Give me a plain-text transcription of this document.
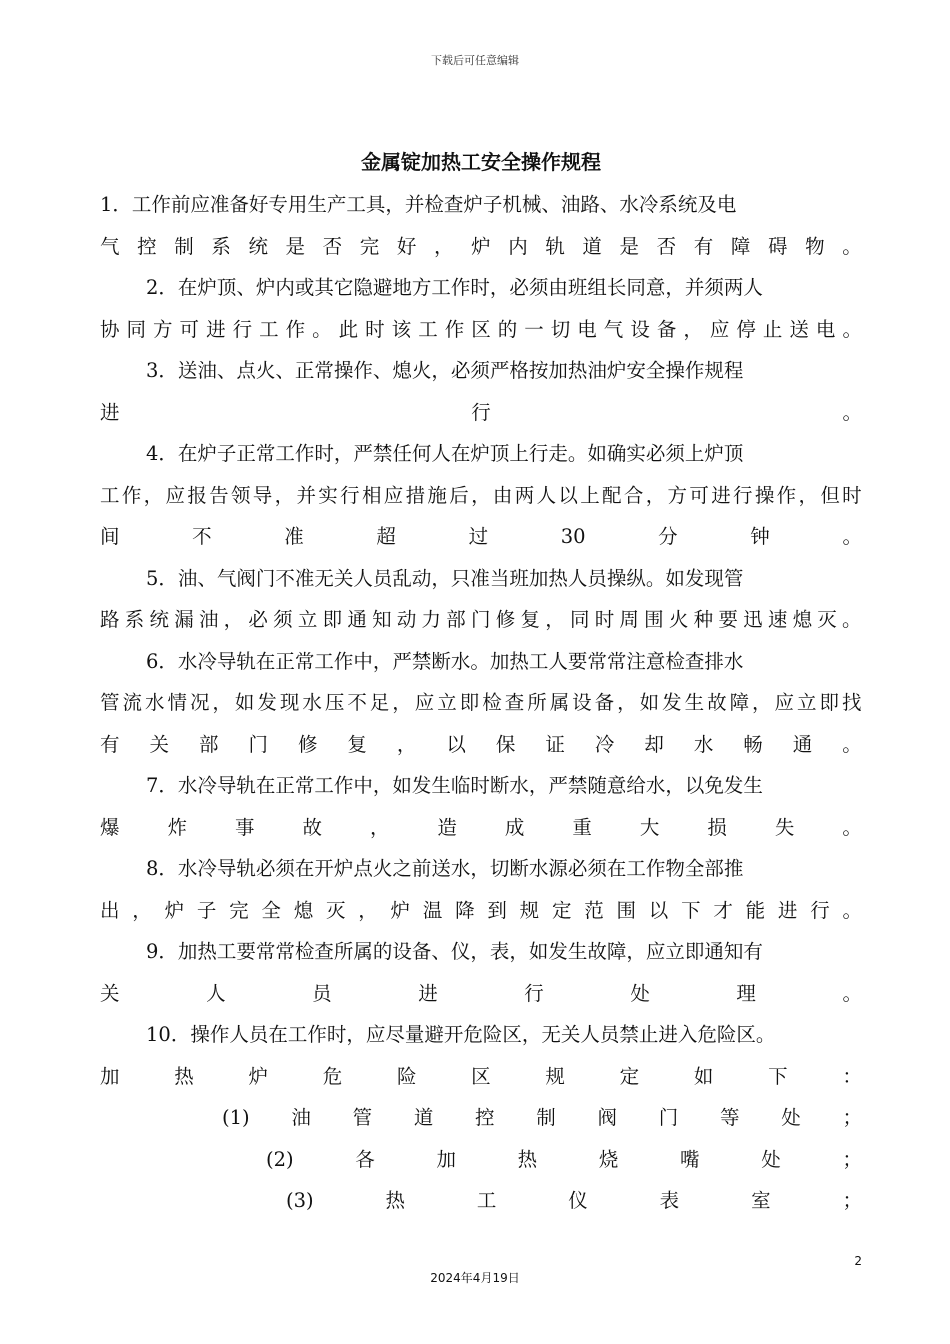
下载后可任意编辑
金属锭加热工安全操作规程
1．工作前应准备好专用生产工具，并检查炉子机械、油路、水冷系统及电
气 控 制 系 统 是 否 完 好 ， 炉 内 轨 道 是 否 有 障 碍 物 。
2．在炉顶、炉内或其它隐避地方工作时，必须由班组长同意，并须两人
协 同 方 可 进 行 工 作 。 此 时 该 工 作 区 的 一 切 电 气 设 备 ， 应 停 止 送 电 。
3．送油、点火、正常操作、熄火，必须严格按加热油炉安全操作规程
进	行	。
4．在炉子正常工作时，严禁任何人在炉顶上行走。如确实必须上炉顶
工 作 ， 应 报 告 领 导 ， 并 实 行 相 应 措 施 后 ， 由 两 人 以 上 配 合 ， 方 可 进 行 操 作 ， 但 时
间	不	准	超	过	30	分	钟	。
5．油、气阀门不准无关人员乱动，只准当班加热人员操纵。如发现管
路 系 统 漏 油 ， 必 须 立 即 通 知 动 力 部 门 修 复 ， 同 时 周 围 火 种 要 迅 速 熄 灭 。
6．水冷导轨在正常工作中，严禁断水。加热工人要常常注意检查排水
管 流 水 情 况 ， 如 发 现 水 压 不 足 ， 应 立 即 检 查 所 属 设 备 ， 如 发 生 故 障 ， 应 立 即 找
有 关 部 门 修 复 ， 以 保 证 冷 却 水 畅 通 。
7．水冷导轨在正常工作中，如发生临时断水，严禁随意给水，以免发生
爆 炸 事 故 ， 造 成 重 大 损 失 。
8．水冷导轨必须在开炉点火之前送水，切断水源必须在工作物全部推
出 ， 炉 子 完 全 熄 灭 ， 炉 温 降 到 规 定 范 围 以 下 才 能 进 行 。
9．加热工要常常检查所属的设备、仪，表，如发生故障，应立即通知有
关	人	员	进	行	处	理	。
10．操作人员在工作时，应尽量避开危险区，无关人员禁止进入危险区。
加	热	炉	危	险	区	规	定	如	下	：
(1) 油 管 道 控 制 阀 门 等 处 ；
(2)	各	加	热	烧	嘴	处	；
(3)	热	工	仪	表	室	；
2
2024年4月19日
